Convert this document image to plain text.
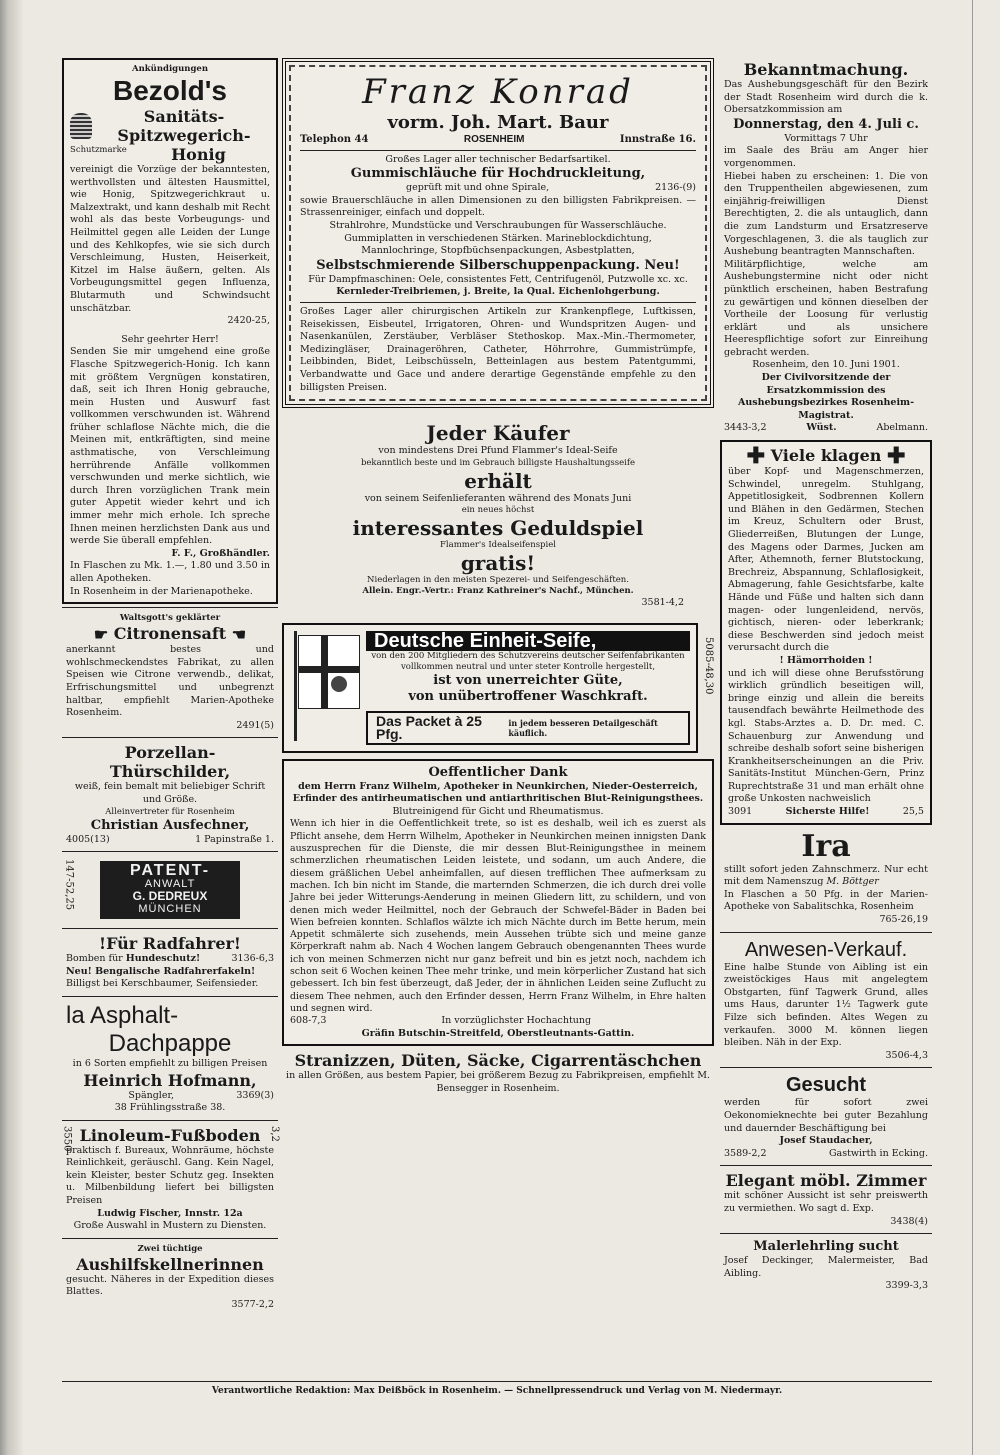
Ankündigungen
Bezold's
Sanitäts-
Spitzwegerich-
Schutzmarke	Honig
vereinigt die Vorzüge der bekanntesten, werthvollsten und ältesten Hausmittel, wie Honig, Spitzwegerichkraut u. Malzextrakt, und kann deshalb mit Recht wohl als das beste Vorbeugungs- und Heilmittel gegen alle Leiden der Lunge und des Kehlkopfes, wie sie sich durch Verschleimung, Husten, Heiserkeit, Kitzel im Halse äußern, gelten. Als Vorbeugungsmittel gegen Influenza, Blutarmuth und Schwindsucht unschätzbar.
2420-25,
Sehr geehrter Herr!
Senden Sie mir umgehend eine große Flasche Spitzwegerich-Honig. Ich kann mit größtem Vergnügen konstatiren, daß, seit ich Ihren Honig gebrauche, mein Husten und Auswurf fast vollkommen verschwunden ist. Während früher schlaflose Nächte mich, die die Meinen mit, entkräftigten, sind meine asthmatische, von Verschleimung herrührende Anfälle vollkommen verschwunden und merke sichtlich, wie durch Ihren vorzüglichen Trank mein guter Appetit wieder kehrt und ich immer mehr mich erhole. Ich spreche Ihnen meinen herzlichsten Dank aus und werde Sie überall empfehlen.
F. F., Großhändler.
In Flaschen zu Mk. 1.—, 1.80 und 3.50 in allen Apotheken.
In Rosenheim in der Marienapotheke.
Waltsgott's geklärter
☛ Citronensaft ☚
anerkannt bestes und wohlschmeckendstes Fabrikat, zu allen Speisen wie Citrone verwendb., delikat, Erfrischungsmittel und unbegrenzt haltbar, empfiehlt Marien-Apotheke Rosenheim.
2491(5)
Porzellan-Thürschilder,
weiß, fein bemalt mit beliebiger Schrift und Größe.
Alleinvertreter für Rosenheim
Christian Ausfechner,
4005(13)	1 Papinstraße 1.
147-52,25	PATENT-
ANWALT
G. DEDREUX
MÜNCHEN
!Für Radfahrer!
Bomben für Hundeschutz!	3136-6,3
Neu! Bengalische Radfahrerfakeln!
Billigst bei Kerschbaumer, Seifensieder.
la Asphalt-
Dachpappe
in 6 Sorten empfiehlt zu billigen Preisen
Heinrich Hofmann,
Spängler,	3369(3)
38 Frühlingsstraße 38.
3550	3,2
Linoleum-Fußboden
praktisch f. Bureaux, Wohnräume, höchste Reinlichkeit, geräuschl. Gang. Kein Nagel, kein Kleister, bester Schutz geg. Insekten u. Milbenbildung liefert bei billigsten Preisen
Ludwig Fischer, Innstr. 12a
Große Auswahl in Mustern zu Diensten.
Zwei tüchtige
Aushilfskellnerinnen
gesucht. Näheres in der Expedition dieses Blattes.
3577-2,2
Franz Konrad
vorm. Joh. Mart. Baur
Telephon 44	ROSENHEIM	Innstraße 16.
Großes Lager aller technischer Bedarfsartikel.
Gummischläuche für Hochdruckleitung,
geprüft mit und ohne Spirale,	2136-(9)
sowie Brauerschläuche in allen Dimensionen zu den billigsten Fabrikpreisen. — Strassenreiniger, einfach und doppelt.
Strahlrohre, Mundstücke und Verschraubungen für Wasserschläuche.
Gummiplatten in verschiedenen Stärken. Marineblockdichtung,
Mannlochringe, Stopfbüchsenpackungen, Asbestplatten,
Selbstschmierende Silberschuppenpackung. Neu!
Für Dampfmaschinen: Oele, consistentes Fett, Centrifugenöl, Putzwolle xc. xc.
Kernleder-Treibriemen, j. Breite, la Qual. Eichenlohgerbung.
Großes Lager aller chirurgischen Artikeln zur Krankenpflege, Luftkissen, Reisekissen, Eisbeutel, Irrigatoren, Ohren- und Wundspritzen Augen- und Nasenkanülen, Zerstäuber, Verbläser Stethoskop. Max.-Min.-Thermometer, Medizingläser, Drainageröhren, Catheter, Höhrrohre, Gummistrümpfe, Leibbinden, Bidet, Leibschüsseln, Betteinlagen aus bestem Patentgummi, Verbandwatte und Gace und andere derartige Gegenstände empfehle zu den billigsten Preisen.
Jeder Käufer
von mindestens Drei Pfund Flammer's Ideal-Seife
bekanntlich beste und im Gebrauch billigste Haushaltungsseife
erhält
von seinem Seifenlieferanten während des Monats Juni
ein neues höchst
interessantes Geduldspiel
Flammer's Idealseifenspiel
gratis!
Niederlagen in den meisten Spezerei- und Seifengeschäften.
Allein. Engr.-Vertr.: Franz Kathreiner's Nachf., München.
3581-4,2
Deutsche Einheit-Seife,
von den 200 Mitgliedern des Schutzvereins deutscher Seifenfabrikanten vollkommen neutral und unter steter Kontrolle hergestellt,
ist von unerreichter Güte,
von unübertroffener Waschkraft.
Das Packet à 25 Pfg.
in jedem besseren Detailgeschäft käuflich.
5085-48,30
Oeffentlicher Dank
dem Herrn Franz Wilhelm, Apotheker in Neunkirchen, Nieder-Oesterreich, Erfinder des antirheumatischen und antiarthritischen Blut-Reinigungsthees.
Blutreinigend für Gicht und Rheumatismus.
Wenn ich hier in die Oeffentlichkeit trete, so ist es deshalb, weil ich es zuerst als Pflicht ansehe, dem Herrn Wilhelm, Apotheker in Neunkirchen meinen innigsten Dank auszusprechen für die Dienste, die mir dessen Blut-Reinigungsthee in meinem schmerzlichen rheumatischen Leiden leistete, und sodann, um auch Andere, die diesem gräßlichen Uebel anheimfallen, auf diesen trefflichen Thee aufmerksam zu machen. Ich bin nicht im Stande, die marternden Schmerzen, die ich durch drei volle Jahre bei jeder Witterungs-Aenderung in meinen Gliedern litt, zu schildern, und von denen mich weder Heilmittel, noch der Gebrauch der Schwefel-Bäder in Baden bei Wien befreien konnten. Schlaflos wälzte ich mich Nächte durch im Bette herum, mein Appetit schmälerte sich zusehends, mein Aussehen trübte sich und meine ganze Körperkraft nahm ab. Nach 4 Wochen langem Gebrauch obengenannten Thees wurde ich von meinen Schmerzen nicht nur ganz befreit und bin es jetzt noch, nachdem ich schon seit 6 Wochen keinen Thee mehr trinke, und mein körperlicher Zustand hat sich gebessert. Ich bin fest überzeugt, daß Jeder, der in ähnlichen Leiden seine Zuflucht zu diesem Thee nehmen, auch den Erfinder dessen, Herrn Franz Wilhelm, in Ehre halten und segnen wird.
608-7,3	In vorzüglichster Hochachtung
Gräfin Butschin-Streitfeld, Oberstleutnants-Gattin.
Stranizzen, Düten, Säcke, Cigarrentäschchen
in allen Größen, aus bestem Papier, bei größerem Bezug zu Fabrikpreisen, empfiehlt M. Bensegger in Rosenheim.
Bekanntmachung.
Das Aushebungsgeschäft für den Bezirk der Stadt Rosenheim wird durch die k. Obersatzkommission am
Donnerstag, den 4. Juli c.
Vormittags 7 Uhr
im Saale des Bräu am Anger hier vorgenommen.
Hiebei haben zu erscheinen: 1. Die von den Truppentheilen abgewiesenen, zum einjährig-freiwilligen Dienst Berechtigten, 2. die als untauglich, dann die zum Landsturm und Ersatzreserve Vorgeschlagenen, 3. die als tauglich zur Aushebung beantragten Mannschaften.
Militärpflichtige, welche am Aushebungstermine nicht oder nicht pünktlich erscheinen, haben Bestrafung zu gewärtigen und können dieselben der Vortheile der Loosung für verlustig erklärt und als unsichere Heerespflichtige sofort zur Einreihung gebracht werden.
Rosenheim, den 10. Juni 1901.
Der Civilvorsitzende der Ersatzkommission des Aushebungsbezirkes Rosenheim-Magistrat.
3443-3,2	Wüst.	Abelmann.
✚ Viele klagen ✚
über Kopf- und Magenschmerzen, Schwindel, unregelm. Stuhlgang, Appetitlosigkeit, Sodbrennen Kollern und Blähen in den Gedärmen, Stechen im Kreuz, Schultern oder Brust, Gliederreißen, Blutungen der Lunge, des Magens oder Darmes, Jucken am After, Athemnoth, ferner Blutstockung, Brechreiz, Abspannung, Schlaflosigkeit, Abmagerung, fahle Gesichtsfarbe, kalte Hände und Füße und halten sich dann magen- oder lungenleidend, nervös, gichtisch, nieren- oder leberkrank; diese Beschwerden sind jedoch meist verursacht durch die
! Hämorrhoiden !
und ich will diese ohne Berufsstörung wirklich gründlich beseitigen will, bringe einzig und allein die bereits tausendfach bewährte Heilmethode des kgl. Stabs-Arztes a. D. Dr. med. C. Schauenburg zur Anwendung und schreibe deshalb sofort seine bisherigen Krankheitserscheinungen an die Priv. Sanitäts-Institut München-Gern, Prinz Ruprechtstraße 31 und man erhält ohne große Unkosten nachweislich
3091	Sicherste Hilfe!	25,5
Ira
stillt sofort jeden Zahnschmerz. Nur echt mit dem Namenszug M. Böttger
In Flaschen a 50 Pfg. in der Marien-Apotheke von Sabalitschka, Rosenheim
765-26,19
Anwesen-Verkauf.
Eine halbe Stunde von Aibling ist ein zweistöckiges Haus mit angelegtem Obstgarten, fünf Tagwerk Grund, alles ums Haus, darunter 1½ Tagwerk gute Filze sich befinden. Altes Wegen zu verkaufen. 3000 M. können liegen bleiben. Näh in der Exp.
3506-4,3
Gesucht
werden für sofort zwei Oekonomieknechte bei guter Bezahlung und dauernder Beschäftigung bei
Josef Staudacher,
3589-2,2	Gastwirth in Ecking.
Elegant möbl. Zimmer
mit schöner Aussicht ist sehr preiswerth zu vermiethen. Wo sagt d. Exp.
3438(4)
Malerlehrling sucht
Josef Deckinger, Malermeister, Bad Aibling.
3399-3,3
Verantwortliche Redaktion: Max Deißböck in Rosenheim. — Schnellpressendruck und Verlag von M. Niedermayr.
